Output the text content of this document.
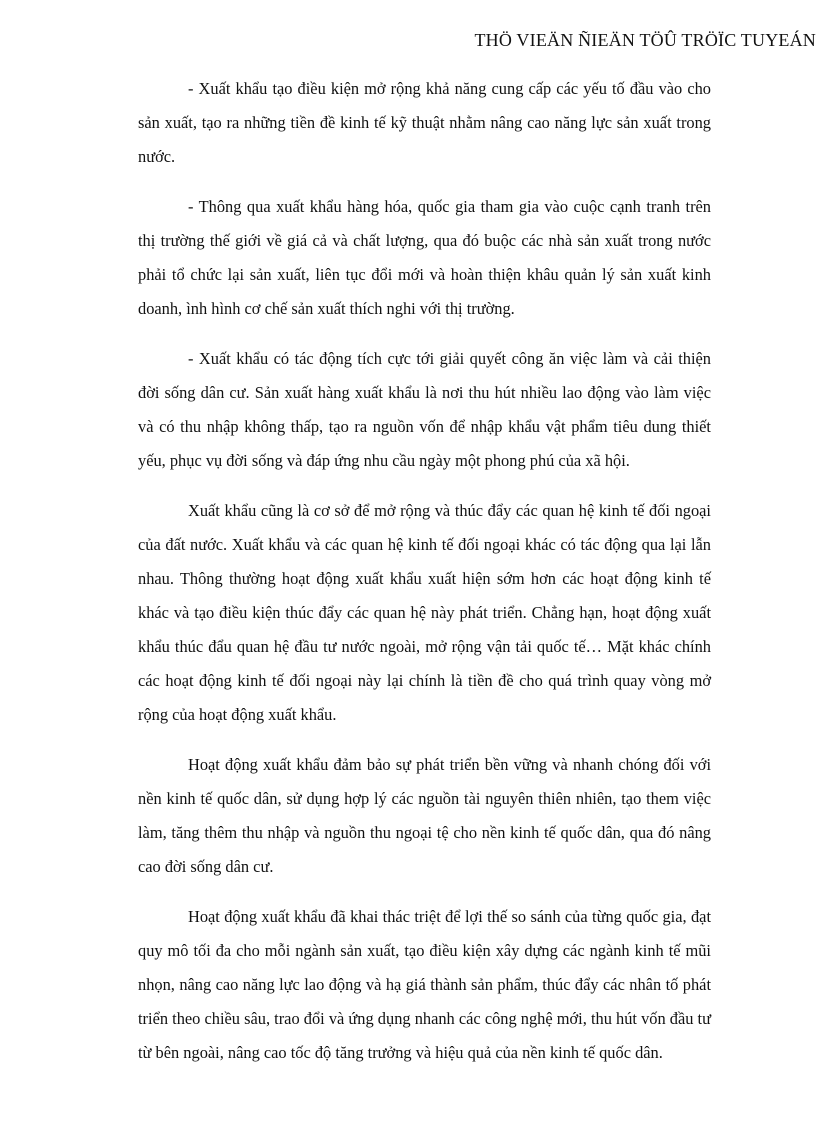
THÖ VIEÄN ÑIEÄN TÖÛ TRÖÏC TUYEÁN

- Xuất khẩu tạo điều kiện mở rộng khả năng cung cấp các yếu tố đầu vào cho sản xuất, tạo ra những tiền đề kinh tế kỹ thuật nhằm nâng cao năng lực sản xuất trong nước.

- Thông qua xuất khẩu hàng hóa, quốc gia tham gia vào cuộc cạnh tranh trên thị trường thế giới về giá cả và chất lượng, qua đó buộc các nhà sản xuất trong nước phải tổ chức lại sản xuất, liên tục đổi mới và hoàn thiện khâu quản lý sản xuất kinh doanh, ình hình cơ chế sản xuất thích nghi với thị trường.

- Xuất khẩu có tác động tích cực tới giải quyết công ăn việc làm và cải thiện đời sống dân cư. Sản xuất hàng xuất khẩu là nơi thu hút nhiều lao động vào làm việc và có thu nhập không thấp, tạo ra nguồn vốn để nhập khẩu vật phẩm tiêu dung thiết yếu, phục vụ đời sống và đáp ứng nhu cầu ngày một phong phú của xã hội.

Xuất khẩu cũng là cơ sở để mở rộng và thúc đẩy các quan hệ kinh tế đối ngoại của đất nước. Xuất khẩu và các quan hệ kinh tế đối ngoại khác có tác động qua lại lẫn nhau. Thông thường hoạt động xuất khẩu xuất hiện sớm hơn các hoạt động kinh tế khác và tạo điều kiện thúc đẩy các quan hệ này phát triển. Chẳng hạn, hoạt động xuất khẩu thúc đẩu quan hệ đầu tư nước ngoài, mở rộng vận tải quốc tế… Mặt khác chính các hoạt động kinh tế đối ngoại này lại chính là tiền đề cho quá trình quay vòng mở rộng của hoạt động xuất khẩu.

Hoạt động xuất khẩu đảm bảo sự phát triển bền vững và nhanh chóng đối với nền kinh tế quốc dân, sử dụng hợp lý các nguồn tài nguyên thiên nhiên, tạo them việc làm, tăng thêm thu nhập và nguồn thu ngoại tệ cho nền kinh tế quốc dân, qua đó nâng cao đời sống dân cư.

Hoạt động xuất khẩu đã khai thác triệt để lợi thế so sánh của từng quốc gia, đạt quy mô tối đa cho mỗi ngành sản xuất, tạo điều kiện xây dựng các ngành kinh tế mũi nhọn, nâng cao năng lực lao động và hạ giá thành sản phẩm, thúc đẩy các nhân tố phát triển theo chiều sâu, trao đổi và ứng dụng nhanh các công nghệ mới, thu hút vốn đầu tư từ bên ngoài, nâng cao tốc độ tăng trưởng và hiệu quả của nền kinh tế quốc dân.
